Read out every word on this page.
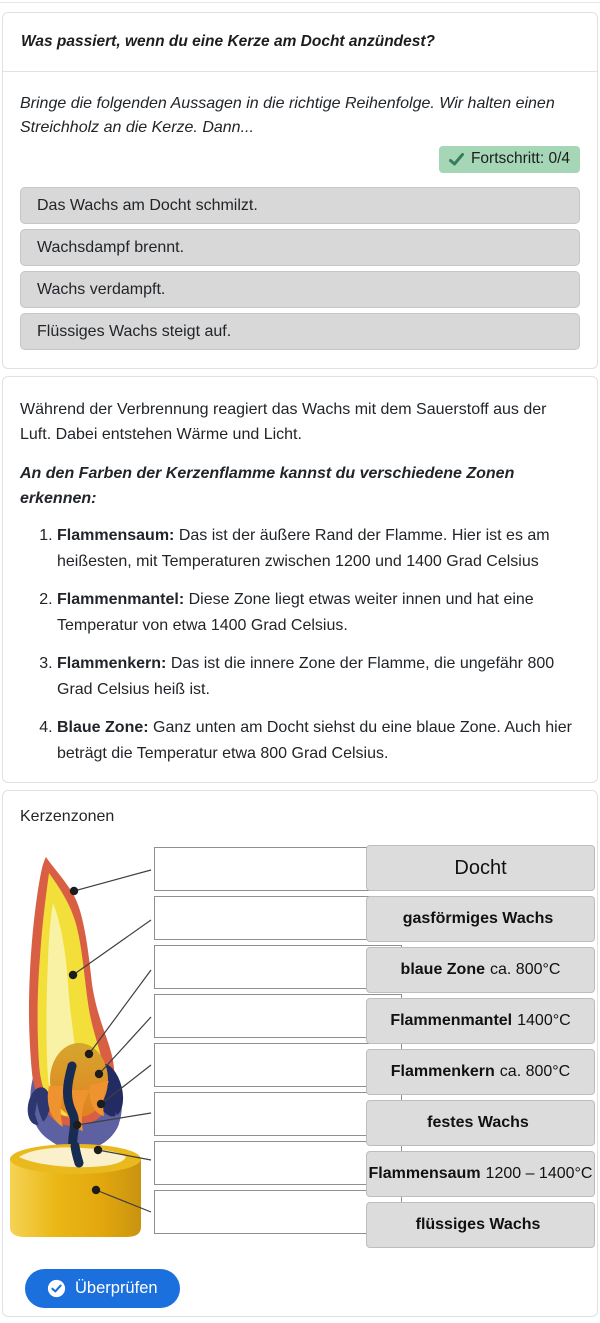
Was passiert, wenn du eine Kerze am Docht anzündest?

Bringe die folgenden Aussagen in die richtige Reihenfolge. Wir halten einen Streichholz an die Kerze. Dann...

Fortschritt: 0/4
Das Wachs am Docht schmilzt.
Wachsdampf brennt.
Wachs verdampft.
Flüssiges Wachs steigt auf.

Während der Verbrennung reagiert das Wachs mit dem Sauerstoff aus der Luft. Dabei entstehen Wärme und Licht.

An den Farben der Kerzenflamme kannst du verschiedene Zonen erkennen:

1. Flammensaum: Das ist der äußere Rand der Flamme. Hier ist es am heißesten, mit Temperaturen zwischen 1200 und 1400 Grad Celsius
2. Flammenmantel: Diese Zone liegt etwas weiter innen und hat eine Temperatur von etwa 1400 Grad Celsius.
3. Flammenkern: Das ist die innere Zone der Flamme, die ungefähr 800 Grad Celsius heiß ist.
4. Blaue Zone: Ganz unten am Docht siehst du eine blaue Zone. Auch hier beträgt die Temperatur etwa 800 Grad Celsius.
Kerzenzonen
Docht
gasförmiges Wachs
blaue Zone ca. 800°C
Flammenmantel 1400°C
Flammenkern ca. 800°C
festes Wachs
Flammensaum 1200 – 1400°C
flüssiges Wachs
Überprüfen
